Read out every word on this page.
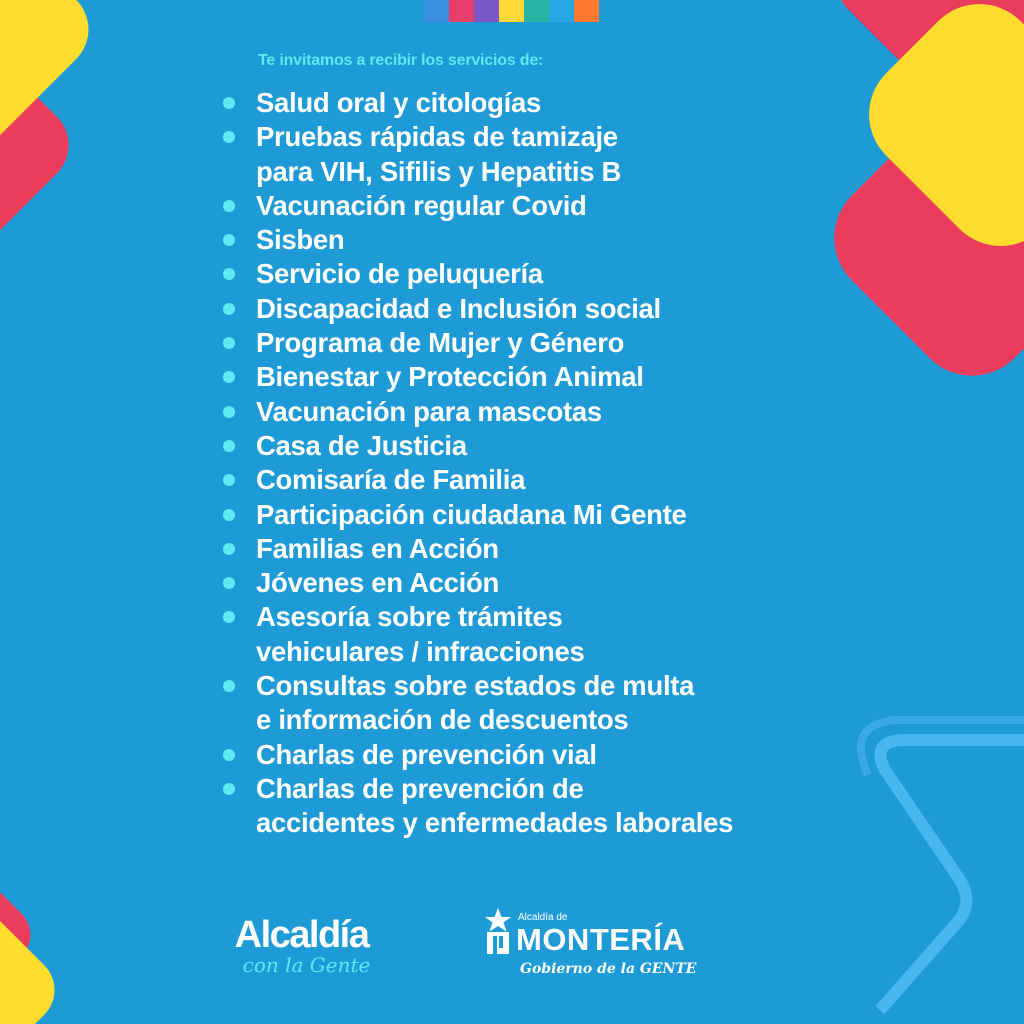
Te invitamos a recibir los servicios de:
Salud oral y citologías
Pruebas rápidas de tamizaje
para VIH, Sifilis y Hepatitis B
Vacunación regular Covid
Sisben
Servicio de peluquería
Discapacidad e Inclusión social
Programa de Mujer y Género
Bienestar y Protección Animal
Vacunación para mascotas
Casa de Justicia
Comisaría de Familia
Participación ciudadana Mi Gente
Familias en Acción
Jóvenes en Acción
Asesoría sobre trámites
vehiculares / infracciones
Consultas sobre estados de multa
e información de descuentos
Charlas de prevención vial
Charlas de prevención de
accidentes y enfermedades laborales
Alcaldía
con la Gente
Alcaldía de
MONTERÍA
Gobierno de la GENTE
